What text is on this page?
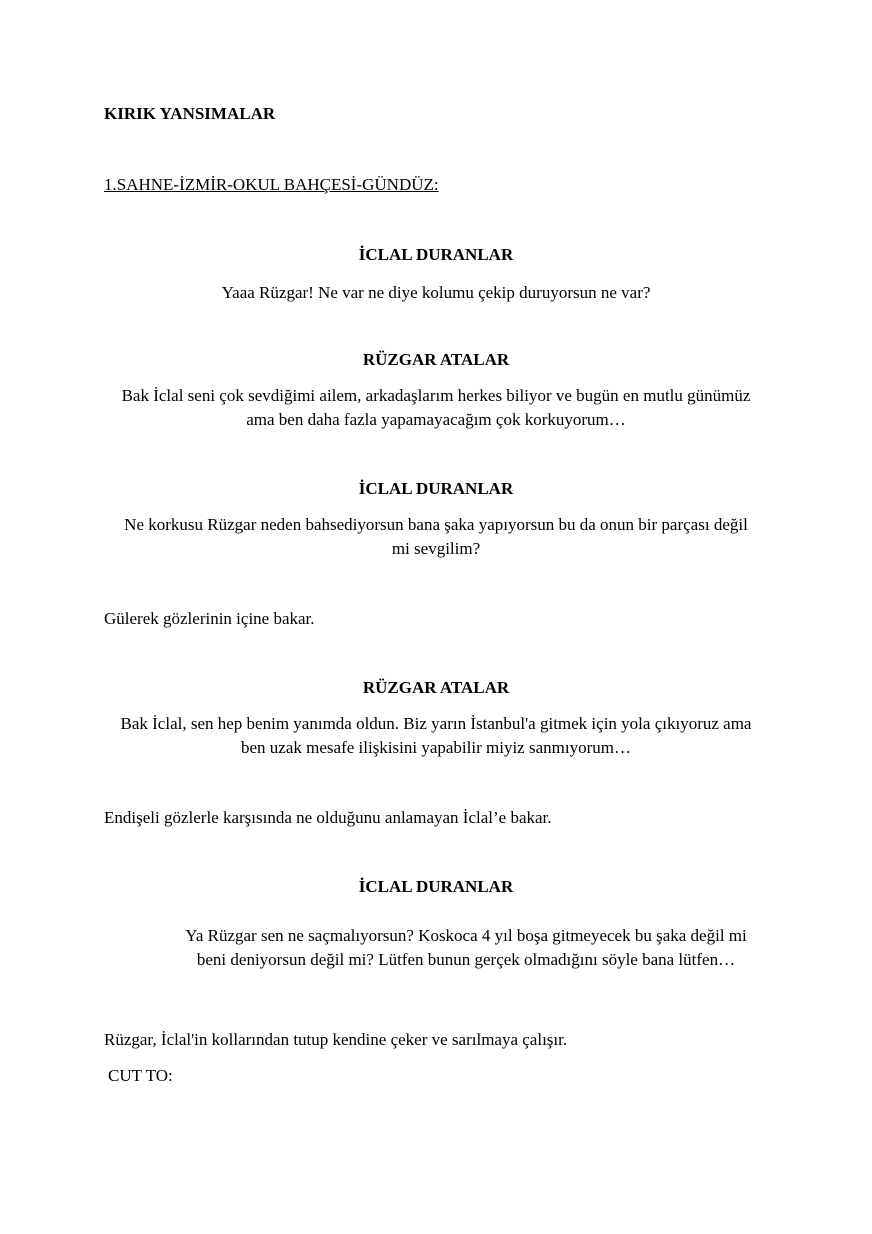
KIRIK YANSIMALAR

1.SAHNE-İZMİR-OKUL BAHÇESİ-GÜNDÜZ:

İCLAL DURANLAR

Yaaa Rüzgar! Ne var ne diye kolumu çekip duruyorsun ne var?

RÜZGAR ATALAR

Bak İclal seni çok sevdiğimi ailem, arkadaşlarım herkes biliyor ve bugün en mutlu günümüz
ama ben daha fazla yapamayacağım çok korkuyorum…

İCLAL DURANLAR

Ne korkusu Rüzgar neden bahsediyorsun bana şaka yapıyorsun bu da onun bir parçası değil
mi sevgilim?

Gülerek gözlerinin içine bakar.

RÜZGAR ATALAR

Bak İclal, sen hep benim yanımda oldun. Biz yarın İstanbul'a gitmek için yola çıkıyoruz ama
ben uzak mesafe ilişkisini yapabilir miyiz sanmıyorum…

Endişeli gözlerle karşısında ne olduğunu anlamayan İclal’e bakar.

İCLAL DURANLAR

Ya Rüzgar sen ne saçmalıyorsun? Koskoca 4 yıl boşa gitmeyecek bu şaka değil mi
beni deniyorsun değil mi? Lütfen bunun gerçek olmadığını söyle bana lütfen…

Rüzgar, İclal'in kollarından tutup kendine çeker ve sarılmaya çalışır.

CUT TO:
